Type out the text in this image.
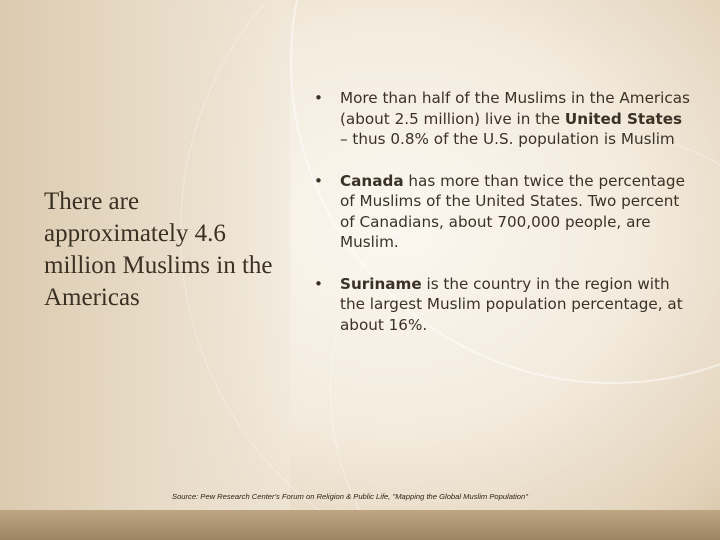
There are approximately 4.6 million Muslims in the Americas
• More than half of the Muslims in the Americas (about 2.5 million) live in the United States – thus 0.8% of the U.S. population is Muslim
• Canada has more than twice the percentage of Muslims of the United States. Two percent of Canadians, about 700,000 people, are Muslim.
• Suriname is the country in the region with the largest Muslim population percentage, at about 16%.
Source: Pew Research Center's Forum on Religion & Public Life, "Mapping the Global Muslim Population"
